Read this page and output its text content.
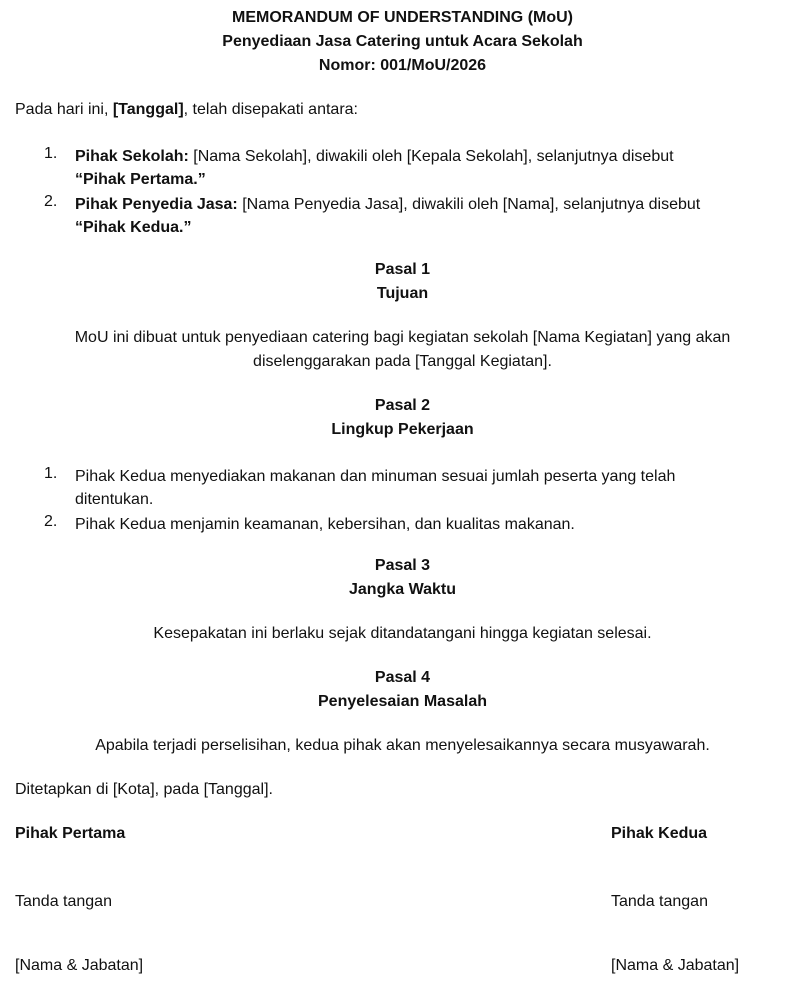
MEMORANDUM OF UNDERSTANDING (MoU)
Penyediaan Jasa Catering untuk Acara Sekolah
Nomor: 001/MoU/2026
Pada hari ini, [Tanggal], telah disepakati antara:
1. Pihak Sekolah: [Nama Sekolah], diwakili oleh [Kepala Sekolah], selanjutnya disebut
“Pihak Pertama.”
2. Pihak Penyedia Jasa: [Nama Penyedia Jasa], diwakili oleh [Nama], selanjutnya disebut
“Pihak Kedua.”
Pasal 1
Tujuan
MoU ini dibuat untuk penyediaan catering bagi kegiatan sekolah [Nama Kegiatan] yang akan
diselenggarakan pada [Tanggal Kegiatan].
Pasal 2
Lingkup Pekerjaan
1. Pihak Kedua menyediakan makanan dan minuman sesuai jumlah peserta yang telah
ditentukan.
2. Pihak Kedua menjamin keamanan, kebersihan, dan kualitas makanan.
Pasal 3
Jangka Waktu
Kesepakatan ini berlaku sejak ditandatangani hingga kegiatan selesai.
Pasal 4
Penyelesaian Masalah
Apabila terjadi perselisihan, kedua pihak akan menyelesaikannya secara musyawarah.
Ditetapkan di [Kota], pada [Tanggal].
Pihak Pertama
Tanda tangan
[Nama & Jabatan]
Pihak Kedua
Tanda tangan
[Nama & Jabatan]
